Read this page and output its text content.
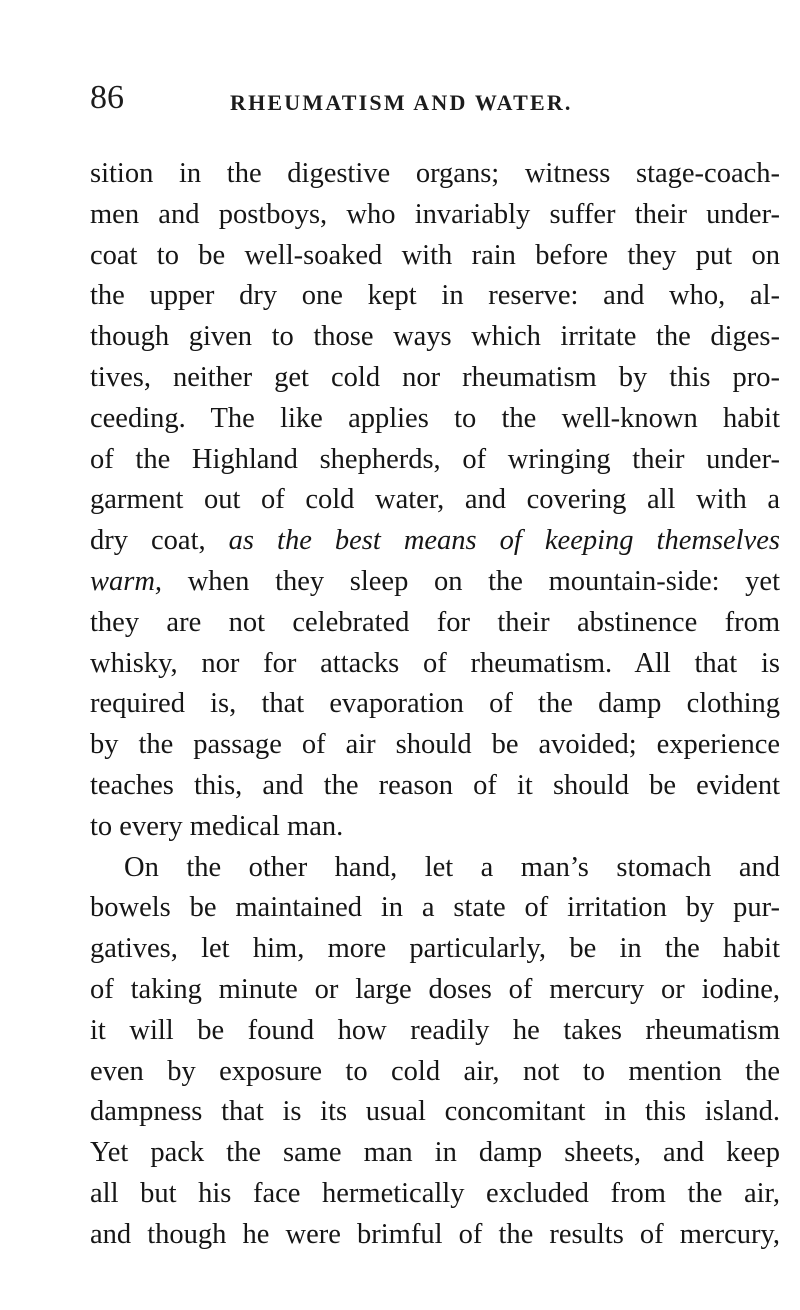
86	RHEUMATISM AND WATER.
sition in the digestive organs; witness stage-coach-
men and postboys, who invariably suffer their under-
coat to be well-soaked with rain before they put on
the upper dry one kept in reserve: and who, al-
though given to those ways which irritate the diges-
tives, neither get cold nor rheumatism by this pro-
ceeding. The like applies to the well-known habit
of the Highland shepherds, of wringing their under-
garment out of cold water, and covering all with a
dry coat, as the best means of keeping themselves
warm, when they sleep on the mountain-side: yet
they are not celebrated for their abstinence from
whisky, nor for attacks of rheumatism. All that is
required is, that evaporation of the damp clothing
by the passage of air should be avoided; experience
teaches this, and the reason of it should be evident
to every medical man.
On the other hand, let a man’s stomach and
bowels be maintained in a state of irritation by pur-
gatives, let him, more particularly, be in the habit
of taking minute or large doses of mercury or iodine,
it will be found how readily he takes rheumatism
even by exposure to cold air, not to mention the
dampness that is its usual concomitant in this island.
Yet pack the same man in damp sheets, and keep
all but his face hermetically excluded from the air,
and though he were brimful of the results of mercury,
